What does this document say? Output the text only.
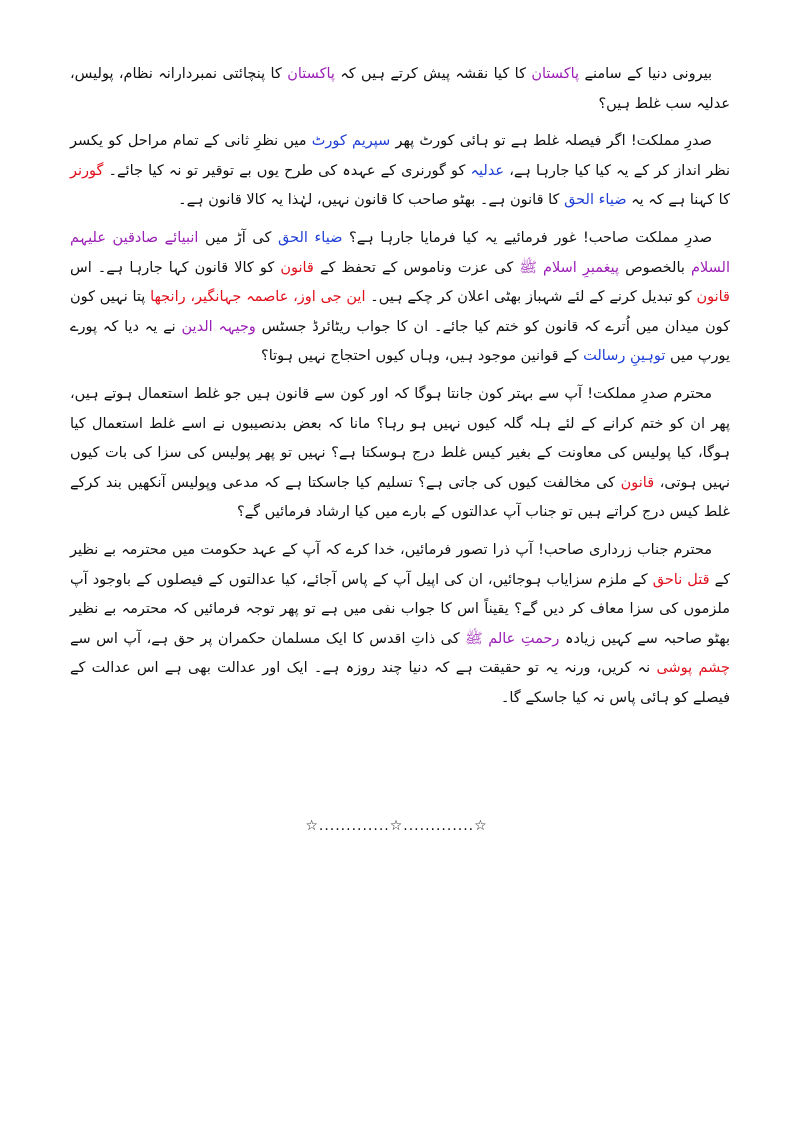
بیرونی دنیا کے سامنے پاکستان کا کیا نقشہ پیش کرتے ہیں کہ پاکستان کا پنچائتی نمبردارانہ نظام، پولیس، عدلیہ سب غلط ہیں؟

صدرِ مملکت! اگر فیصلہ غلط ہے تو ہائی کورٹ پھر سپریم کورٹ میں نظرِ ثانی کے تمام مراحل کو یکسر نظر انداز کر کے یہ کیا کیا جارہا ہے، عدلیہ کو گورنری کے عہدہ کی طرح یوں بے توقیر تو نہ کیا جائے۔ گورنر کا کہنا ہے کہ یہ ضیاء الحق کا قانون ہے۔ بھٹو صاحب کا قانون نہیں، لہٰذا یہ کالا قانون ہے۔

صدرِ مملکت صاحب! غور فرمائیے یہ کیا فرمایا جارہا ہے؟ ضیاء الحق کی آڑ میں انبیائے صادقین علیہم السلام بالخصوص پیغمبرِ اسلام ﷺ کی عزت وناموس کے تحفظ کے قانون کو کالا قانون کہا جارہا ہے۔ اس قانون کو تبدیل کرنے کے لئے شہباز بھٹی اعلان کر چکے ہیں۔ این جی اوز، عاصمہ جہانگیر، رانجھا پتا نہیں کون کون میدان میں اُترے کہ قانون کو ختم کیا جائے۔ ان کا جواب ریٹائرڈ جسٹس وجیہہ الدین نے یہ دیا کہ پورے یورپ میں توہینِ رسالت کے قوانین موجود ہیں، وہاں کیوں احتجاج نہیں ہوتا؟

محترم صدرِ مملکت! آپ سے بہتر کون جانتا ہوگا کہ اور کون سے قانون ہیں جو غلط استعمال ہوتے ہیں، پھر ان کو ختم کرانے کے لئے ہلہ گلہ کیوں نہیں ہو رہا؟ مانا کہ بعض بدنصیبوں نے اسے غلط استعمال کیا ہوگا، کیا پولیس کی معاونت کے بغیر کیس غلط درج ہوسکتا ہے؟ نہیں تو پھر پولیس کی سزا کی بات کیوں نہیں ہوتی، قانون کی مخالفت کیوں کی جاتی ہے؟ تسلیم کیا جاسکتا ہے کہ مدعی وپولیس آنکھیں بند کرکے غلط کیس درج کراتے ہیں تو جناب آپ عدالتوں کے بارے میں کیا ارشاد فرمائیں گے؟

محترم جناب زرداری صاحب! آپ ذرا تصور فرمائیں، خدا کرے کہ آپ کے عہد حکومت میں محترمہ بے نظیر کے قتل ناحق کے ملزم سزایاب ہوجائیں، ان کی اپیل آپ کے پاس آجائے، کیا عدالتوں کے فیصلوں کے باوجود آپ ملزموں کی سزا معاف کر دیں گے؟ یقیناً اس کا جواب نفی میں ہے تو پھر توجہ فرمائیں کہ محترمہ بے نظیر بھٹو صاحبہ سے کہیں زیادہ رحمتِ عالم ﷺ کی ذاتِ اقدس کا ایک مسلمان حکمران پر حق ہے، آپ اس سے چشم پوشی نہ کریں، ورنہ یہ تو حقیقت ہے کہ دنیا چند روزہ ہے۔ ایک اور عدالت بھی ہے اس عدالت کے فیصلے کو ہائی پاس نہ کیا جاسکے گا۔

☆.............☆.............☆
